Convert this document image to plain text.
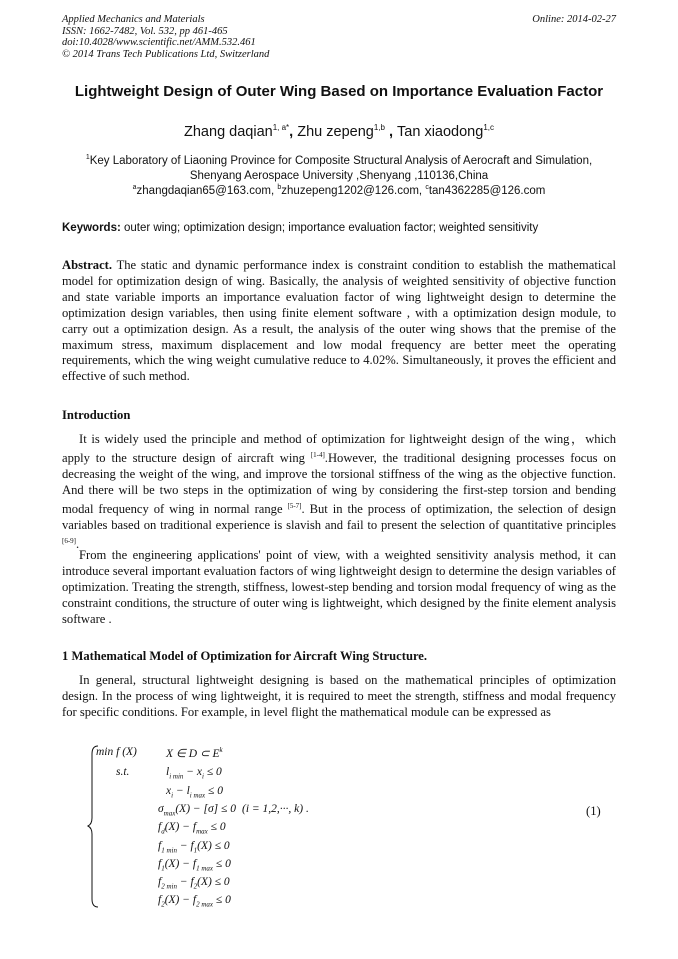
Applied Mechanics and Materials
ISSN: 1662-7482, Vol. 532, pp 461-465
doi:10.4028/www.scientific.net/AMM.532.461
© 2014 Trans Tech Publications Ltd, Switzerland
Online: 2014-02-27
Lightweight Design of Outer Wing Based on Importance Evaluation Factor
Zhang daqian$^{1, a*}$, Zhu zepeng$^{1,b}$ , Tan xiaodong$^{1,c}$
$^1$Key Laboratory of Liaoning Province for Composite Structural Analysis of Aerocraft and Simulation,
Shenyang Aerospace University ,Shenyang ,110136,China
$^a$zhangdaqian65@163.com, $^b$zhuzepeng1202@126.com, $^c$tan4362285@126.com
Keywords: outer wing; optimization design; importance evaluation factor; weighted sensitivity
Abstract. The static and dynamic performance index is constraint condition to establish the mathematical model for optimization design of wing. Basically, the analysis of weighted sensitivity of objective function and state variable imports an importance evaluation factor of wing lightweight design to determine the optimization design variables, then using finite element software , with a optimization design module, to carry out a optimization design. As a result, the analysis of the outer wing shows that the premise of the maximum stress, maximum displacement and low modal frequency are better meet the operating requirements, which the wing weight cumulative reduce to 4.02%. Simultaneously, it proves the efficient and effective of such method.
Introduction
It is widely used the principle and method of optimization for lightweight design of the wing，which apply to the structure design of aircraft wing [1-4].However, the traditional designing processes focus on decreasing the weight of the wing, and improve the torsional stiffness of the wing as the objective function. And there will be two steps in the optimization of wing by considering the first-step torsion and bending modal frequency of wing in normal range [5-7]. But in the process of optimization, the selection of design variables based on traditional experience is slavish and fail to present the selection of quantitative principles [6-9].
From the engineering applications' point of view, with a weighted sensitivity analysis method, it can introduce several important evaluation factors of wing lightweight design to determine the design variables of optimization. Treating the strength, stiffness, lowest-step bending and torsion modal frequency of wing as the constraint conditions, the structure of outer wing is lightweight, which designed by the finite element analysis software .
1 Mathematical Model of Optimization for Aircraft Wing Structure.
In general, structural lightweight designing is based on the mathematical principles of optimization design. In the process of wing lightweight, it is required to meet the strength, stiffness and modal frequency for specific conditions. For example, in level flight the mathematical module can be expressed as
min f (X)	X ∈ D ⊂ $E^k$
s.t.	$l_{i min} - x_i \le 0$
$x_i - l_{i max} \le 0$
$\sigma_{max}(X) - [\sigma] \le 0$ (i = 1,2,···, k) .
$f_d(X) - f_{max} \le 0$
$f_{1 min} - f_1(X) \le 0$
$f_1(X) - f_{1 max} \le 0$
$f_{2 min} - f_2(X) \le 0$
$f_2(X) - f_{2 max} \le 0$
(1)
